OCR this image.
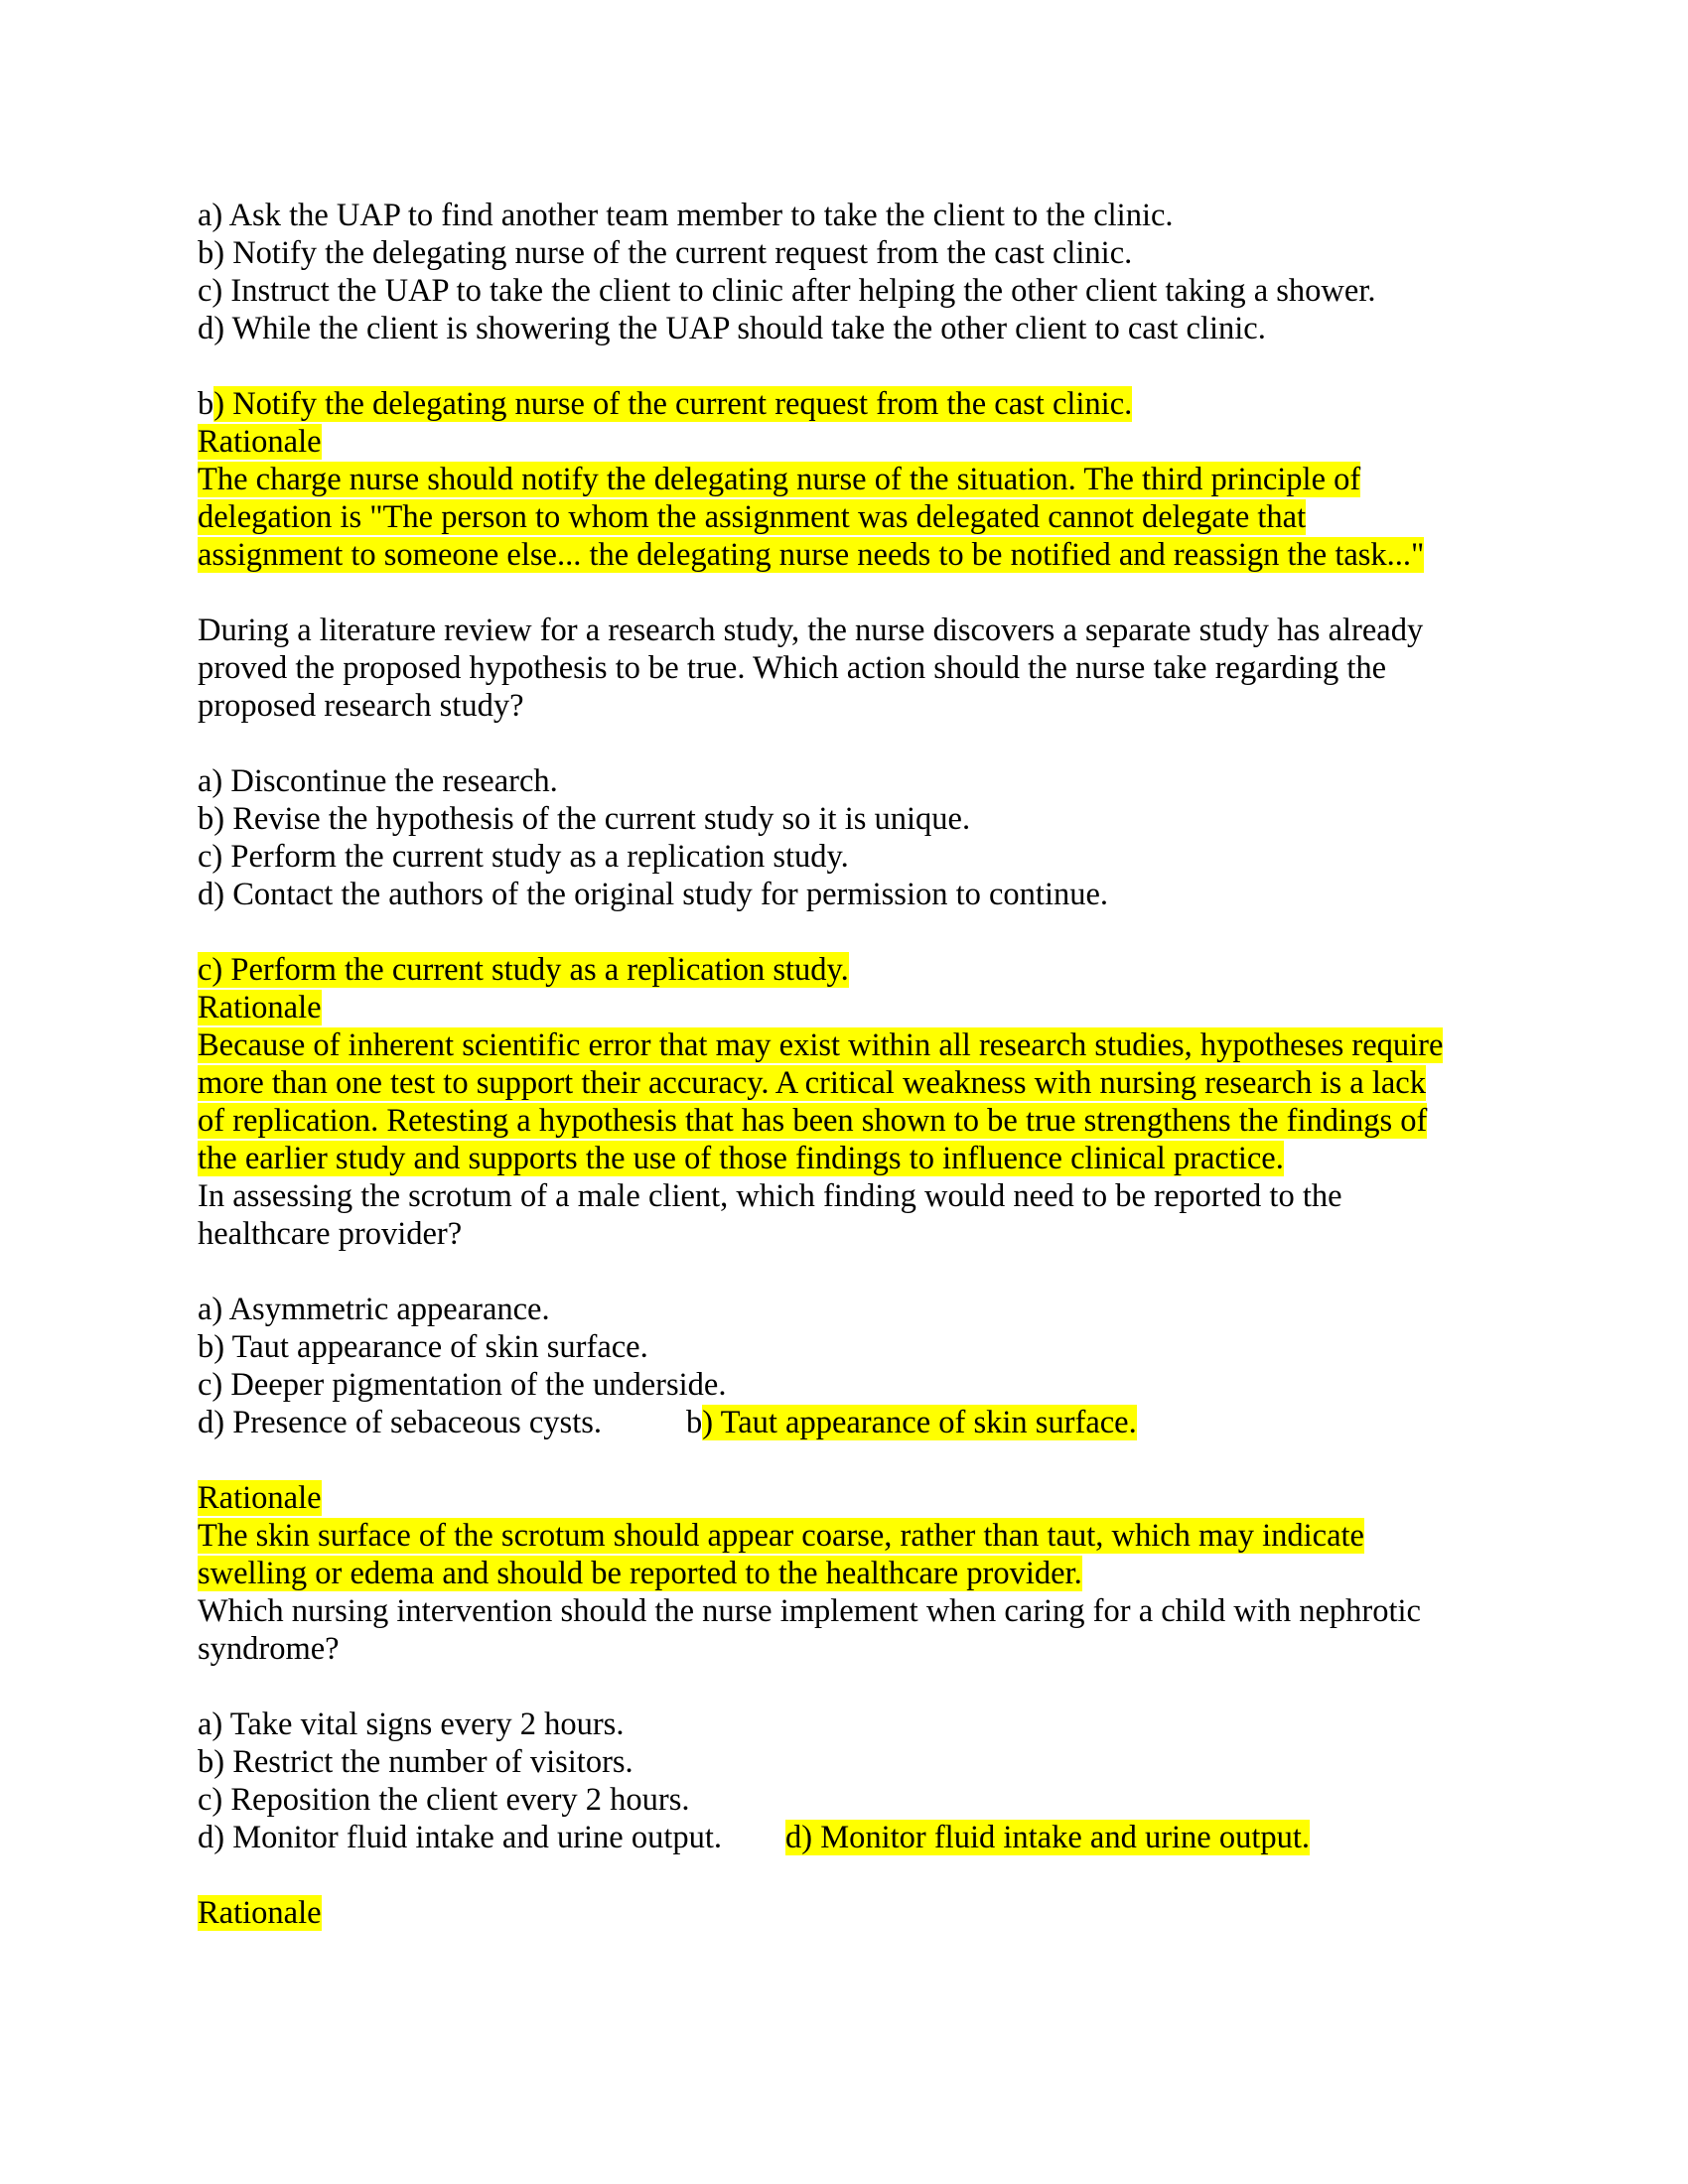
a) Ask the UAP to find another team member to take the client to the clinic.
b) Notify the delegating nurse of the current request from the cast clinic.
c) Instruct the UAP to take the client to clinic after helping the other client taking a shower.
d) While the client is showering the UAP should take the other client to cast clinic.
b) Notify the delegating nurse of the current request from the cast clinic.
Rationale
The charge nurse should notify the delegating nurse of the situation. The third principle of
delegation is "The person to whom the assignment was delegated cannot delegate that
assignment to someone else... the delegating nurse needs to be notified and reassign the task..."
During a literature review for a research study, the nurse discovers a separate study has already
proved the proposed hypothesis to be true. Which action should the nurse take regarding the
proposed research study?
a) Discontinue the research.
b) Revise the hypothesis of the current study so it is unique.
c) Perform the current study as a replication study.
d) Contact the authors of the original study for permission to continue.
c) Perform the current study as a replication study.
Rationale
Because of inherent scientific error that may exist within all research studies, hypotheses require
more than one test to support their accuracy. A critical weakness with nursing research is a lack
of replication. Retesting a hypothesis that has been shown to be true strengthens the findings of
the earlier study and supports the use of those findings to influence clinical practice.
In assessing the scrotum of a male client, which finding would need to be reported to the
healthcare provider?
a) Asymmetric appearance.
b) Taut appearance of skin surface.
c) Deeper pigmentation of the underside.
d) Presence of sebaceous cysts.	b) Taut appearance of skin surface.
Rationale
The skin surface of the scrotum should appear coarse, rather than taut, which may indicate
swelling or edema and should be reported to the healthcare provider.
Which nursing intervention should the nurse implement when caring for a child with nephrotic
syndrome?
a) Take vital signs every 2 hours.
b) Restrict the number of visitors.
c) Reposition the client every 2 hours.
d) Monitor fluid intake and urine output. d) Monitor fluid intake and urine output.
Rationale
